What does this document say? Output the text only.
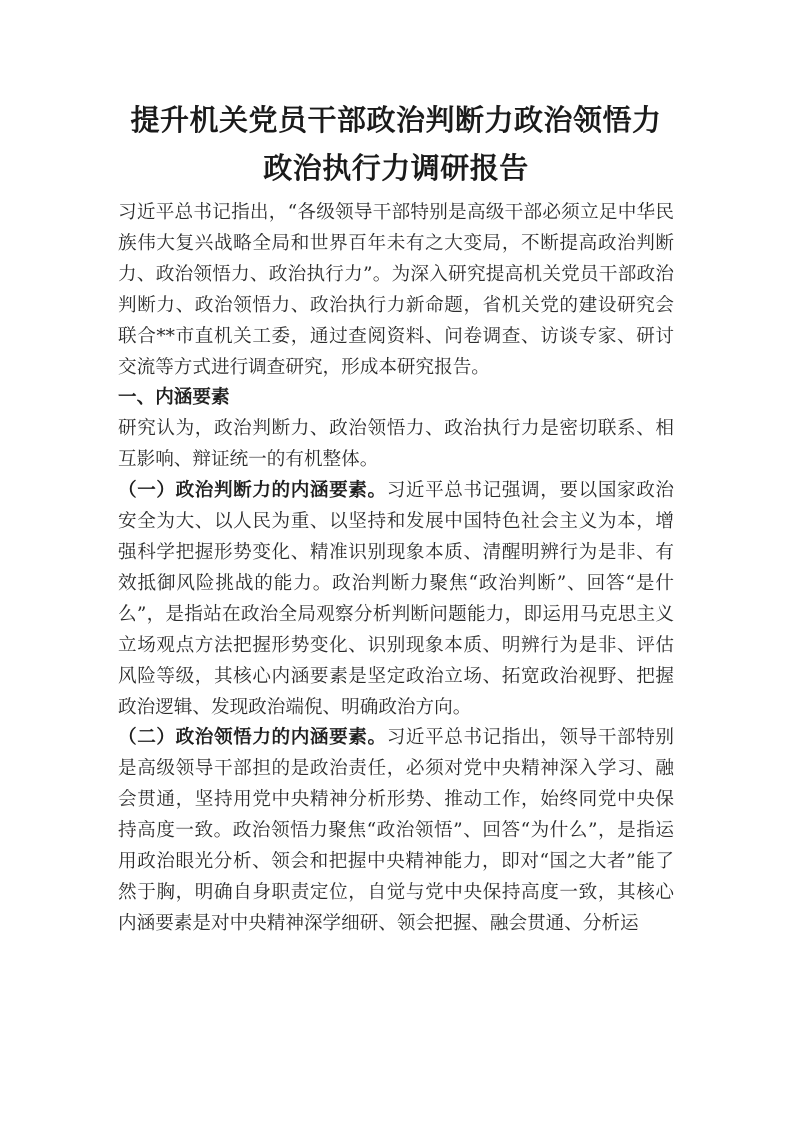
提升机关党员干部政治判断力政治领悟力
政治执行力调研报告

习近平总书记指出，“各级领导干部特别是高级干部必须立足中华民族伟大复兴战略全局和世界百年未有之大变局，不断提高政治判断力、政治领悟力、政治执行力”。为深入研究提高机关党员干部政治判断力、政治领悟力、政治执行力新命题，省机关党的建设研究会联合**市直机关工委，通过查阅资料、问卷调查、访谈专家、研讨交流等方式进行调查研究，形成本研究报告。

一、内涵要素

研究认为，政治判断力、政治领悟力、政治执行力是密切联系、相互影响、辩证统一的有机整体。

（一）政治判断力的内涵要素。习近平总书记强调，要以国家政治安全为大、以人民为重、以坚持和发展中国特色社会主义为本，增强科学把握形势变化、精准识别现象本质、清醒明辨行为是非、有效抵御风险挑战的能力。政治判断力聚焦“政治判断”、回答“是什么”，是指站在政治全局观察分析判断问题能力，即运用马克思主义立场观点方法把握形势变化、识别现象本质、明辨行为是非、评估风险等级，其核心内涵要素是坚定政治立场、拓宽政治视野、把握政治逻辑、发现政治端倪、明确政治方向。

（二）政治领悟力的内涵要素。习近平总书记指出，领导干部特别是高级领导干部担的是政治责任，必须对党中央精神深入学习、融会贯通，坚持用党中央精神分析形势、推动工作，始终同党中央保持高度一致。政治领悟力聚焦“政治领悟”、回答“为什么”，是指运用政治眼光分析、领会和把握中央精神能力，即对“国之大者”能了然于胸，明确自身职责定位，自觉与党中央保持高度一致，其核心内涵要素是对中央精神深学细研、领会把握、融会贯通、分析运
